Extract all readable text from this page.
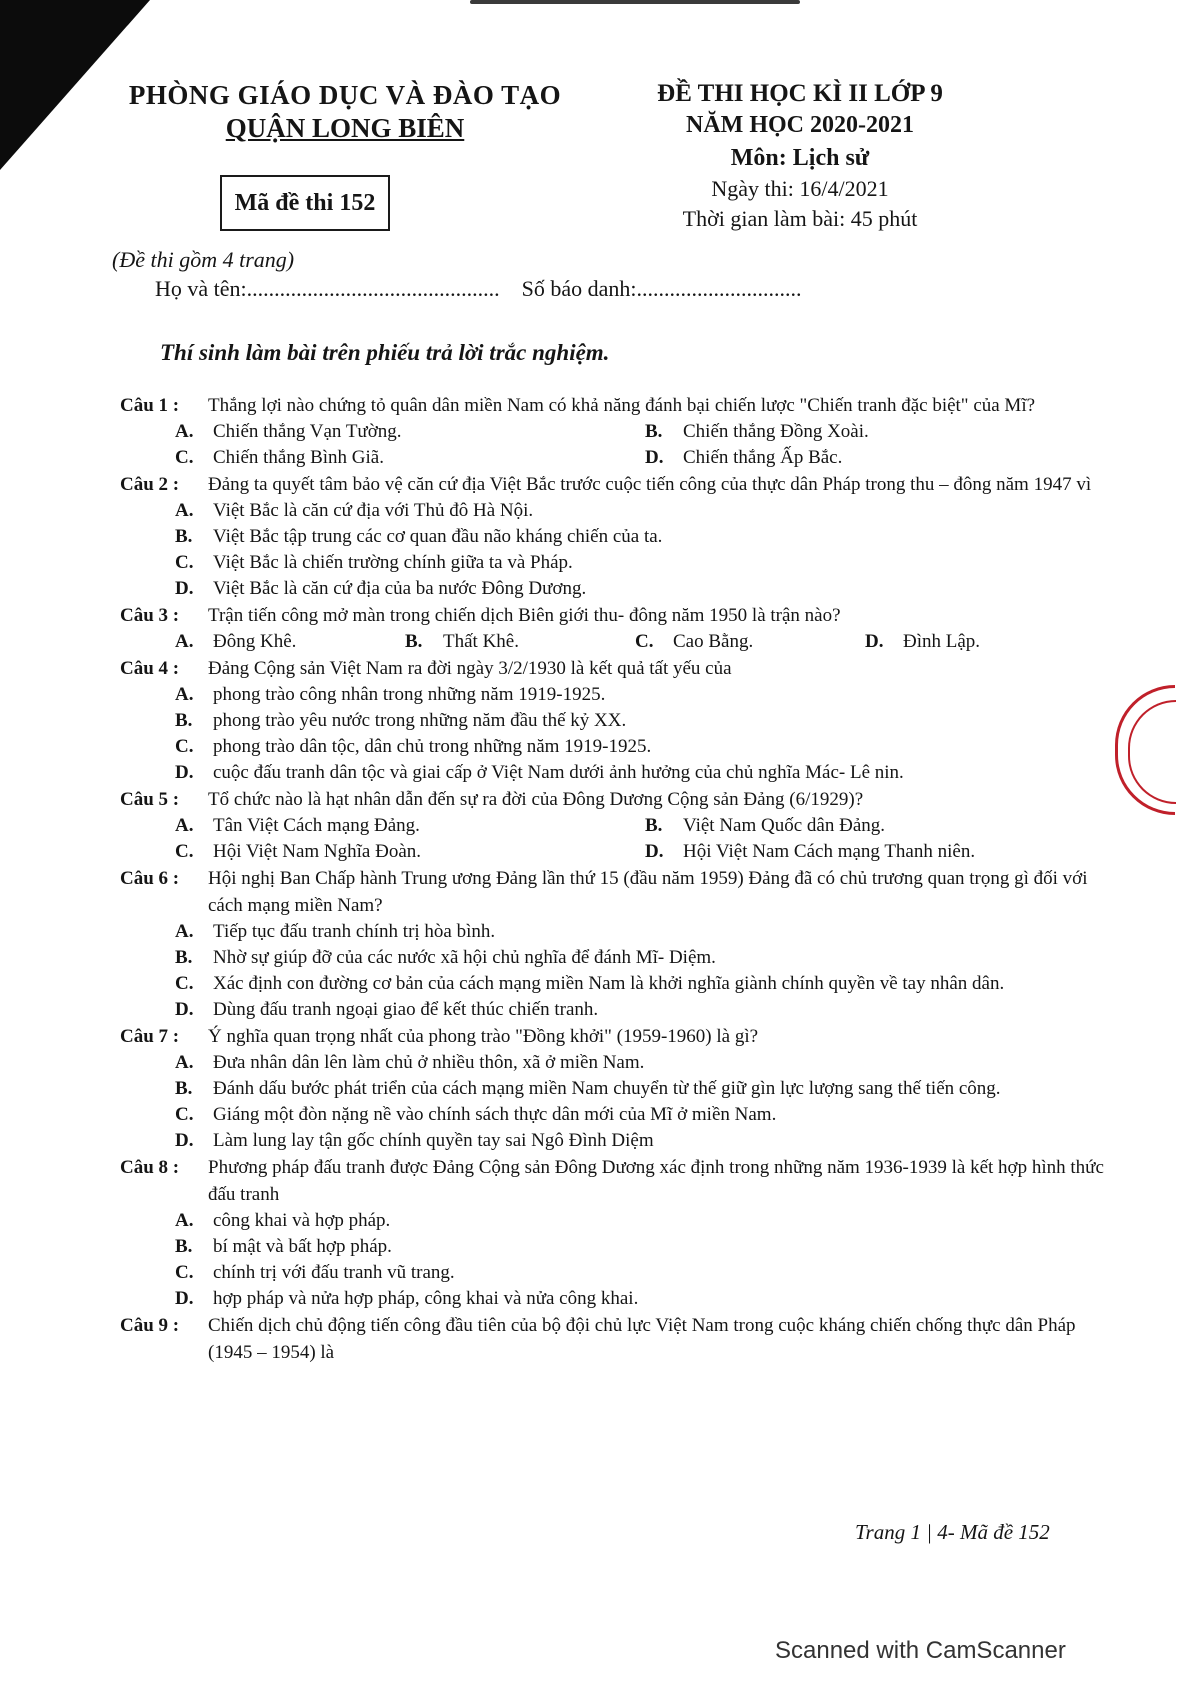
PHÒNG GIÁO DỤC VÀ ĐÀO TẠO
QUẬN LONG BIÊN
Mã đề thi 152
ĐỀ THI HỌC KÌ II LỚP 9
NĂM HỌC 2020-2021
Môn: Lịch sử
Ngày thi: 16/4/2021
Thời gian làm bài: 45 phút
(Đề thi gồm 4 trang)
Họ và tên:.............................................. Số báo danh:..............................
Thí sinh làm bài trên phiếu trả lời trắc nghiệm.
Câu 1 :	Thắng lợi nào chứng tỏ quân dân miền Nam có khả năng đánh bại chiến lược "Chiến tranh đặc biệt" của Mĩ?
A.	Chiến thắng Vạn Tường.	B.	Chiến thắng Đồng Xoài.
C.	Chiến thắng Bình Giã.	D.	Chiến thắng Ấp Bắc.
Câu 2 :	Đảng ta quyết tâm bảo vệ căn cứ địa Việt Bắc trước cuộc tiến công của thực dân Pháp trong thu – đông năm 1947 vì
A.	Việt Bắc là căn cứ địa với Thủ đô Hà Nội.
B.	Việt Bắc tập trung các cơ quan đầu não kháng chiến của ta.
C.	Việt Bắc là chiến trường chính giữa ta và Pháp.
D.	Việt Bắc là căn cứ địa của ba nước Đông Dương.
Câu 3 :	Trận tiến công mở màn trong chiến dịch Biên giới thu- đông năm 1950 là trận nào?
A.	Đông Khê.	B.	Thất Khê.	C.	Cao Bằng.	D.	Đình Lập.
Câu 4 :	Đảng Cộng sản Việt Nam ra đời ngày 3/2/1930 là kết quả tất yếu của
A.	phong trào công nhân trong những năm 1919-1925.
B.	phong trào yêu nước trong những năm đầu thế kỷ XX.
C.	phong trào dân tộc, dân chủ trong những năm 1919-1925.
D.	cuộc đấu tranh dân tộc và giai cấp ở Việt Nam dưới ảnh hưởng của chủ nghĩa Mác- Lê nin.
Câu 5 :	Tổ chức nào là hạt nhân dẫn đến sự ra đời của Đông Dương Cộng sản Đảng (6/1929)?
A.	Tân Việt Cách mạng Đảng.	B.	Việt Nam Quốc dân Đảng.
C.	Hội Việt Nam Nghĩa Đoàn.	D.	Hội Việt Nam Cách mạng Thanh niên.
Câu 6 :	Hội nghị Ban Chấp hành Trung ương Đảng lần thứ 15 (đầu năm 1959) Đảng đã có chủ trương quan trọng gì đối với cách mạng miền Nam?
A.	Tiếp tục đấu tranh chính trị hòa bình.
B.	Nhờ sự giúp đỡ của các nước xã hội chủ nghĩa để đánh Mĩ- Diệm.
C.	Xác định con đường cơ bản của cách mạng miền Nam là khởi nghĩa giành chính quyền về tay nhân dân.
D.	Dùng đấu tranh ngoại giao để kết thúc chiến tranh.
Câu 7 :	Ý nghĩa quan trọng nhất của phong trào "Đồng khởi" (1959-1960) là gì?
A.	Đưa nhân dân lên làm chủ ở nhiều thôn, xã ở miền Nam.
B.	Đánh dấu bước phát triển của cách mạng miền Nam chuyển từ thế giữ gìn lực lượng sang thế tiến công.
C.	Giáng một đòn nặng nề vào chính sách thực dân mới của Mĩ ở miền Nam.
D.	Làm lung lay tận gốc chính quyền tay sai Ngô Đình Diệm
Câu 8 :	Phương pháp đấu tranh được Đảng Cộng sản Đông Dương xác định trong những năm 1936-1939 là kết hợp hình thức đấu tranh
A.	công khai và hợp pháp.
B.	bí mật và bất hợp pháp.
C.	chính trị với đấu tranh vũ trang.
D.	hợp pháp và nửa hợp pháp, công khai và nửa công khai.
Câu 9 :	Chiến dịch chủ động tiến công đầu tiên của bộ đội chủ lực Việt Nam trong cuộc kháng chiến chống thực dân Pháp (1945 – 1954) là
Trang 1 | 4- Mã đề 152
Scanned with CamScanner
